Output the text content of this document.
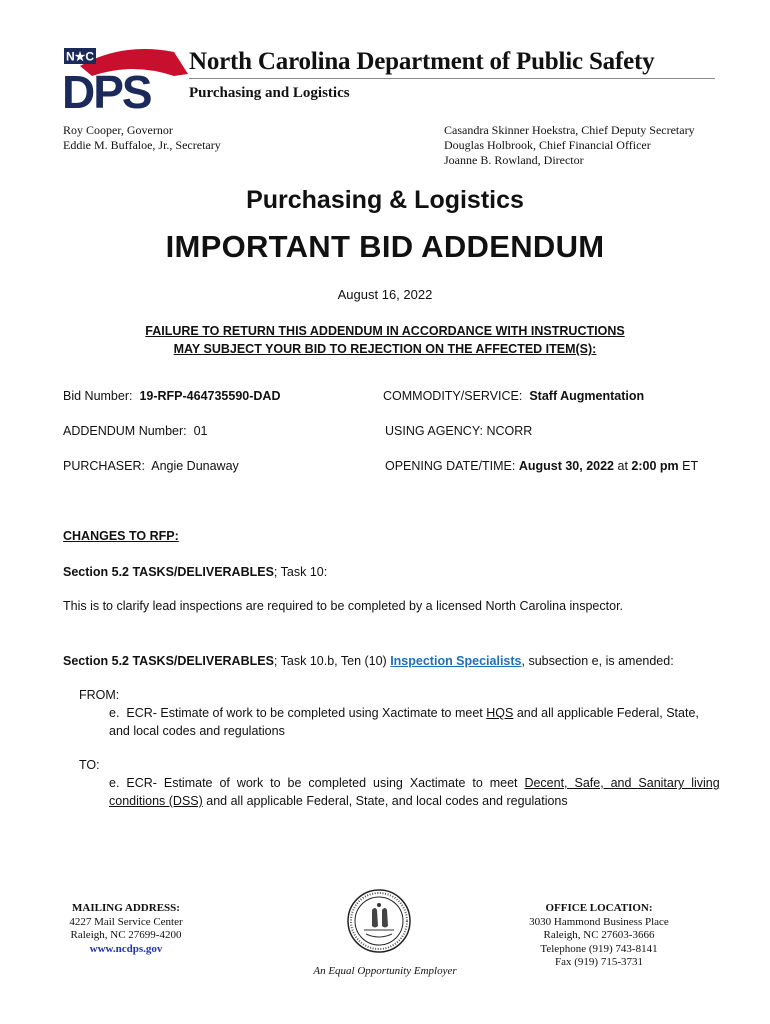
N★C
DPS
North Carolina Department of Public Safety
Purchasing and Logistics
Roy Cooper, Governor
Eddie M. Buffaloe, Jr., Secretary
Casandra Skinner Hoekstra, Chief Deputy Secretary
Douglas Holbrook, Chief Financial Officer
Joanne B. Rowland, Director
Purchasing & Logistics
IMPORTANT BID ADDENDUM
August 16, 2022
FAILURE TO RETURN THIS ADDENDUM IN ACCORDANCE WITH INSTRUCTIONS
MAY SUBJECT YOUR BID TO REJECTION ON THE AFFECTED ITEM(S):
Bid Number: 19-RFP-464735590-DAD	COMMODITY/SERVICE: Staff Augmentation
ADDENDUM Number: 01	USING AGENCY: NCORR
PURCHASER: Angie Dunaway	OPENING DATE/TIME: August 30, 2022 at 2:00 pm ET
CHANGES TO RFP:
Section 5.2 TASKS/DELIVERABLES; Task 10:
This is to clarify lead inspections are required to be completed by a licensed North Carolina inspector.
Section 5.2 TASKS/DELIVERABLES; Task 10.b, Ten (10) Inspection Specialists, subsection e, is amended:
FROM:
e.  ECR- Estimate of work to be completed using Xactimate to meet HQS and all applicable Federal, State,
and local codes and regulations
TO:
e.  ECR-  Estimate  of  work  to  be  completed  using  Xactimate  to  meet  Decent,  Safe,  and  Sanitary  living
conditions (DSS) and all applicable Federal, State, and local codes and regulations
MAILING ADDRESS:
4227 Mail Service Center
Raleigh, NC 27699-4200
www.ncdps.gov
OFFICE LOCATION:
3030 Hammond Business Place
Raleigh, NC 27603-3666
Telephone (919) 743-8141
Fax (919) 715-3731
An Equal Opportunity Employer
